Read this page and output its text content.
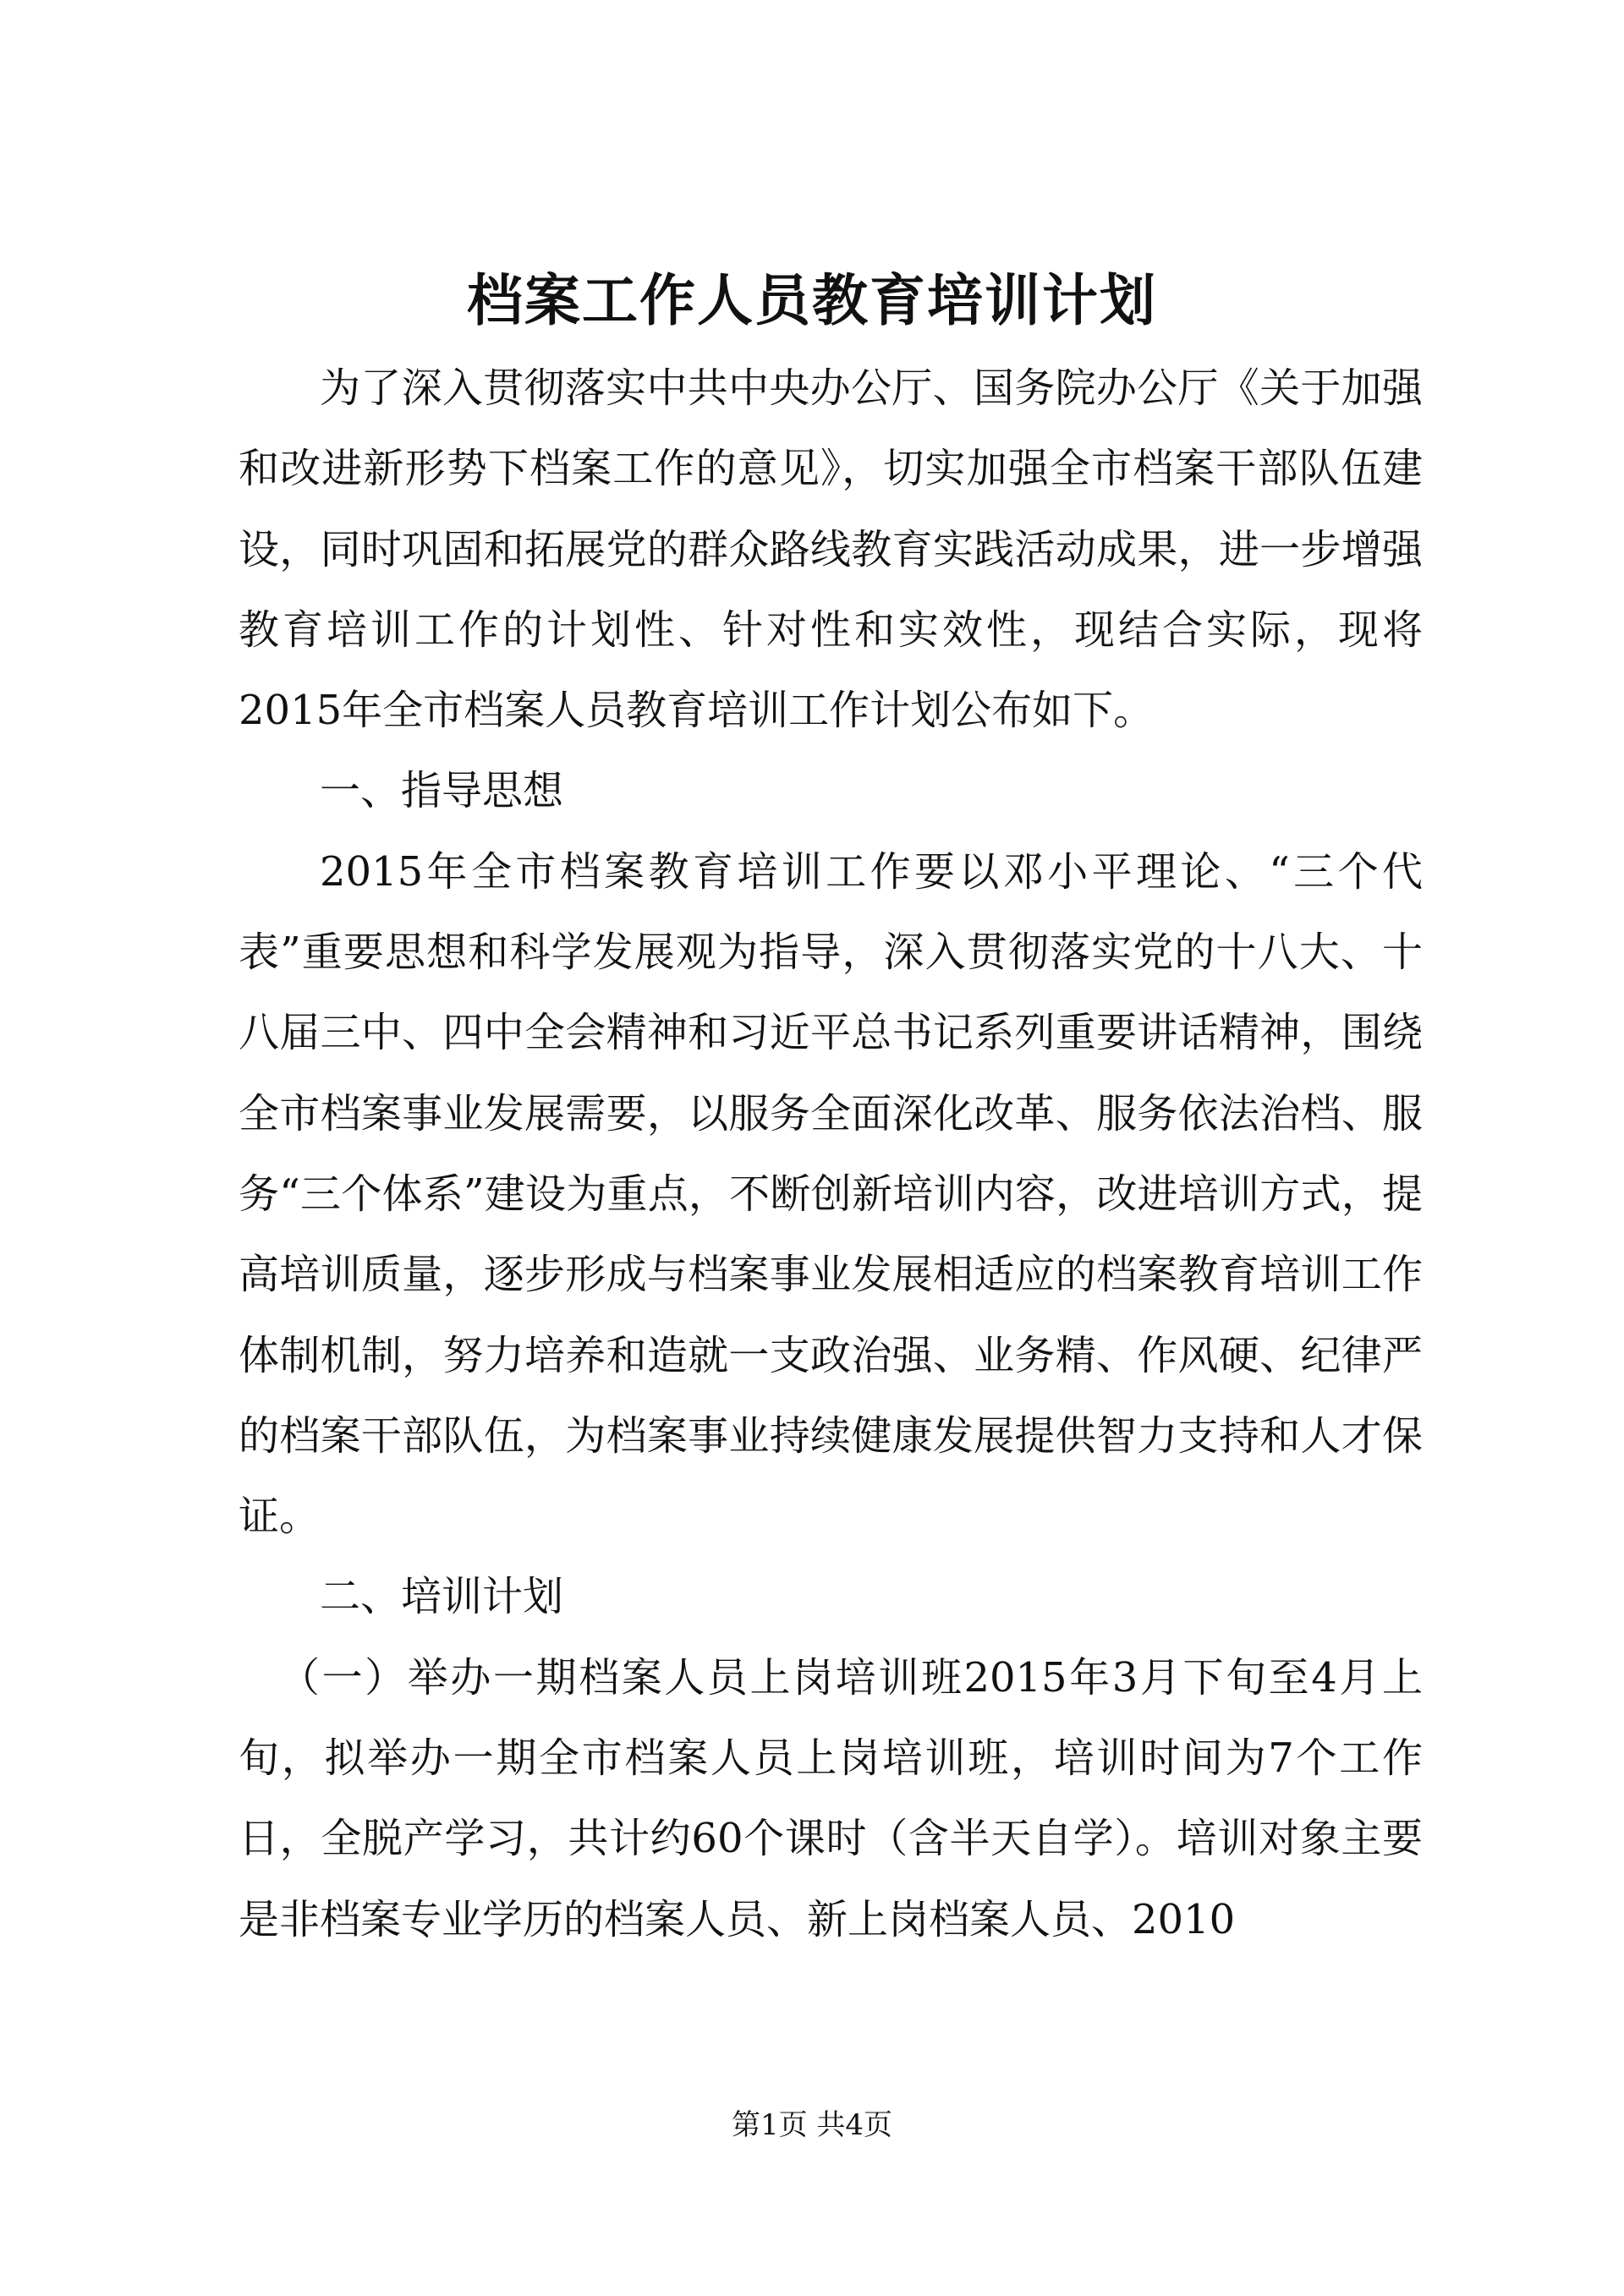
档案工作人员教育培训计划

为了深入贯彻落实中共中央办公厅、国务院办公厅《关于加强和改进新形势下档案工作的意见》，切实加强全市档案干部队伍建设，同时巩固和拓展党的群众路线教育实践活动成果，进一步增强教育培训工作的计划性、针对性和实效性，现结合实际，现将2015年全市档案人员教育培训工作计划公布如下。

一、指导思想

2015年全市档案教育培训工作要以邓小平理论、“三个代表”重要思想和科学发展观为指导，深入贯彻落实党的十八大、十八届三中、四中全会精神和习近平总书记系列重要讲话精神，围绕全市档案事业发展需要，以服务全面深化改革、服务依法治档、服务“三个体系”建设为重点，不断创新培训内容，改进培训方式，提高培训质量，逐步形成与档案事业发展相适应的档案教育培训工作体制机制，努力培养和造就一支政治强、业务精、作风硬、纪律严的档案干部队伍，为档案事业持续健康发展提供智力支持和人才保证。

二、培训计划

（一）举办一期档案人员上岗培训班2015年3月下旬至4月上旬，拟举办一期全市档案人员上岗培训班，培训时间为7个工作日，全脱产学习，共计约60个课时（含半天自学）。培训对象主要是非档案专业学历的档案人员、新上岗档案人员、2010

第1页 共4页
